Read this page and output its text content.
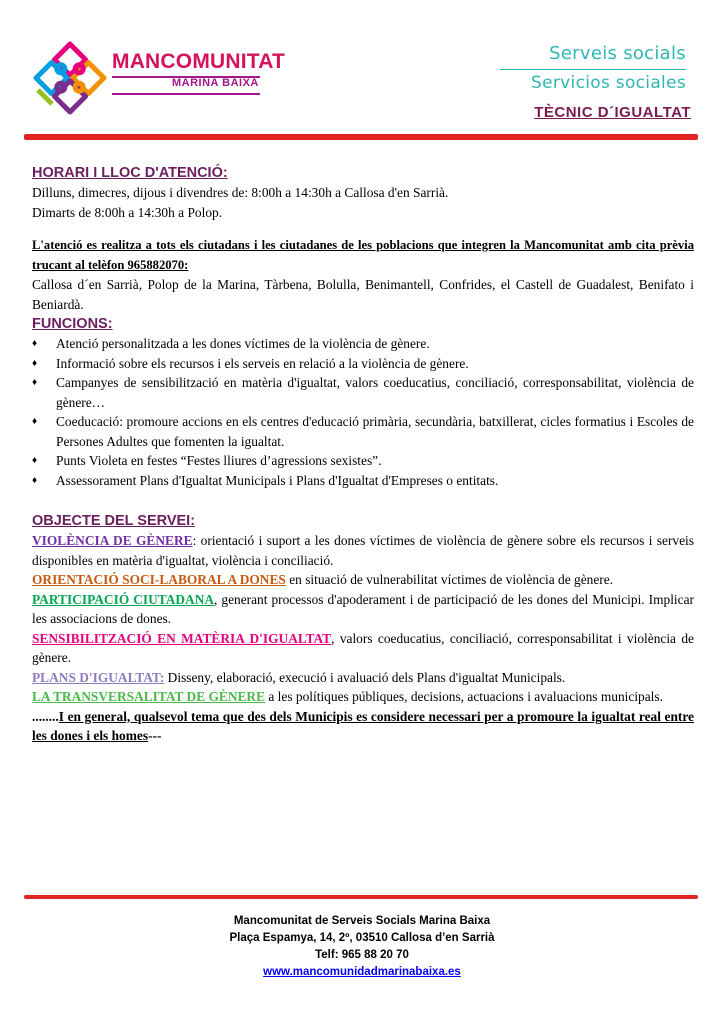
MANCOMUNITAT
MARINA BAIXA
Serveis socials
Servicios sociales
TÈCNIC D´IGUALTAT
HORARI I LLOC D'ATENCIÓ:
Dilluns, dimecres, dijous i divendres de: 8:00h a 14:30h a Callosa d'en Sarrià.
Dimarts de 8:00h a 14:30h a Polop.
L'atenció es realitza a tots els ciutadans i les ciutadanes de les poblacions que integren la Mancomunitat amb cita prèvia trucant al telèfon 965882070:
Callosa d´en Sarrià, Polop de la Marina, Tàrbena, Bolulla, Benimantell, Confrides, el Castell de Guadalest, Benifato i Beniardà.
FUNCIONS:
♦ Atenció personalitzada a les dones víctimes de la violència de gènere.
♦ Informació sobre els recursos i els serveis en relació a la violència de gènere.
♦ Campanyes de sensibilització en matèria d'igualtat, valors coeducatius, conciliació, corresponsabilitat, violència de gènere…
♦ Coeducació: promoure accions en els centres d'educació primària, secundària, batxillerat, cicles formatius i Escoles de Persones Adultes que fomenten la igualtat.
♦ Punts Violeta en festes “Festes lliures d’agressions sexistes”.
♦ Assessorament Plans d'Igualtat Municipals i Plans d'Igualtat d'Empreses o entitats.
OBJECTE DEL SERVEI:
VIOLÈNCIA DE GÈNERE: orientació i suport a les dones víctimes de violència de gènere sobre els recursos i serveis disponibles en matèria d'igualtat, violència i conciliació.
ORIENTACIÓ SOCI-LABORAL A DONES en situació de vulnerabilitat víctimes de violència de gènere.
PARTICIPACIÓ CIUTADANA, generant processos d'apoderament i de participació de les dones del Municipi. Implicar les associacions de dones.
SENSIBILITZACIÓ EN MATÈRIA D'IGUALTAT, valors coeducatius, conciliació, corresponsabilitat i violència de gènere.
PLANS D'IGUALTAT: Disseny, elaboració, execució i avaluació dels Plans d'igualtat Municipals.
LA TRANSVERSALITAT DE GÈNERE a les polítiques públiques, decisions, actuacions i avaluacions municipals.
........I en general, qualsevol tema que des dels Municipis es considere necessari per a promoure la igualtat real entre les dones i els homes---
Mancomunitat de Serveis Socials Marina Baixa
Plaça Espamya, 14, 2º, 03510 Callosa d’en Sarrià
Telf: 965 88 20 70
www.mancomunidadmarinabaixa.es
